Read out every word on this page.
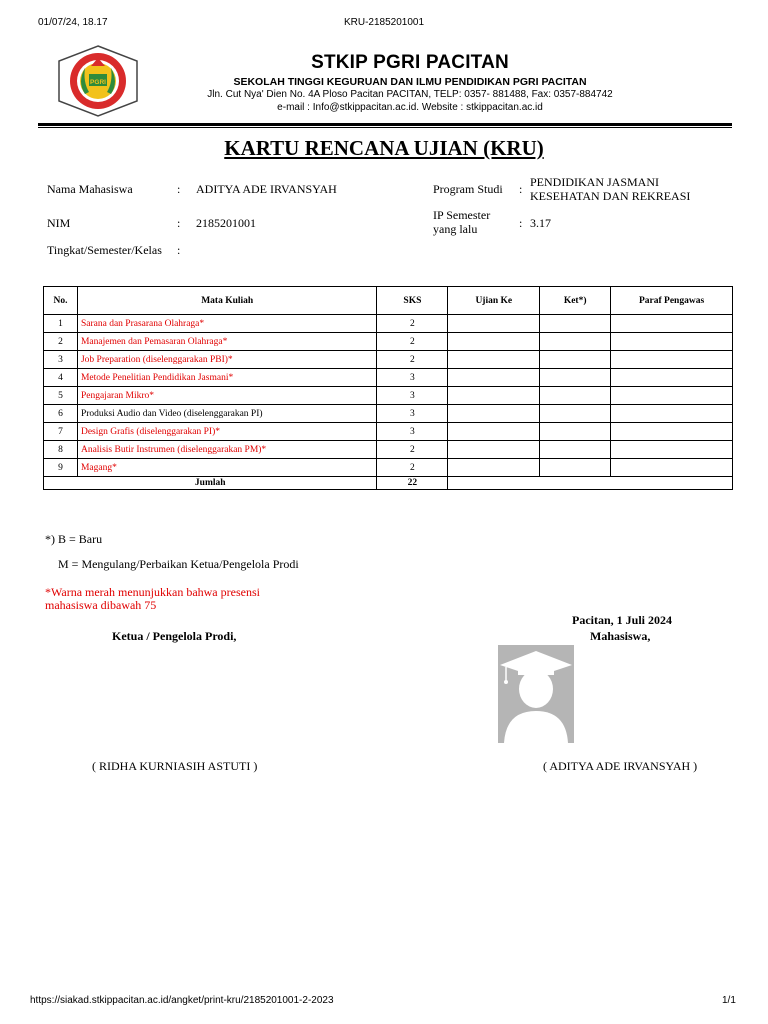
01/07/24, 18.17	KRU-2185201001
PGRI
STKIP PGRI PACITAN
SEKOLAH TINGGI KEGURUAN DAN ILMU PENDIDIKAN PGRI PACITAN
Jln. Cut Nya' Dien No. 4A Ploso Pacitan PACITAN, TELP: 0357- 881488, Fax: 0357-884742
e-mail : Info@stkippacitan.ac.id. Website : stkippacitan.ac.id
KARTU RENCANA UJIAN (KRU)
Nama Mahasiswa	: ADITYA ADE IRVANSYAH
NIM	: 2185201001
Tingkat/Semester/Kelas :
Program Studi : PENDIDIKAN JASMANI
KESEHATAN DAN REKREASI
IP Semester
yang lalu	: 3.17
No.	Mata Kuliah	SKS	Ujian Ke	Ket*)	Paraf Pengawas
1	Sarana dan Prasarana Olahraga*	2			
2	Manajemen dan Pemasaran Olahraga*	2			
3	Job Preparation (diselenggarakan PBI)*	2			
4	Metode Penelitian Pendidikan Jasmani*	3			
5	Pengajaran Mikro*	3			
6	Produksi Audio dan Video (diselenggarakan PI)	3			
7	Design Grafis (diselenggarakan PI)*	3			
8	Analisis Butir Instrumen (diselenggarakan PM)*	2			
9	Magang*	2			
Jumlah		22			
*) B = Baru
M = Mengulang/Perbaikan Ketua/Pengelola Prodi
*Warna merah menunjukkan bahwa presensi
mahasiswa dibawah 75
Pacitan, 1 Juli 2024
Ketua / Pengelola Prodi,	Mahasiswa,
( RIDHA KURNIASIH ASTUTI )	( ADITYA ADE IRVANSYAH )
https://siakad.stkippacitan.ac.id/angket/print-kru/2185201001-2-2023	1/1
